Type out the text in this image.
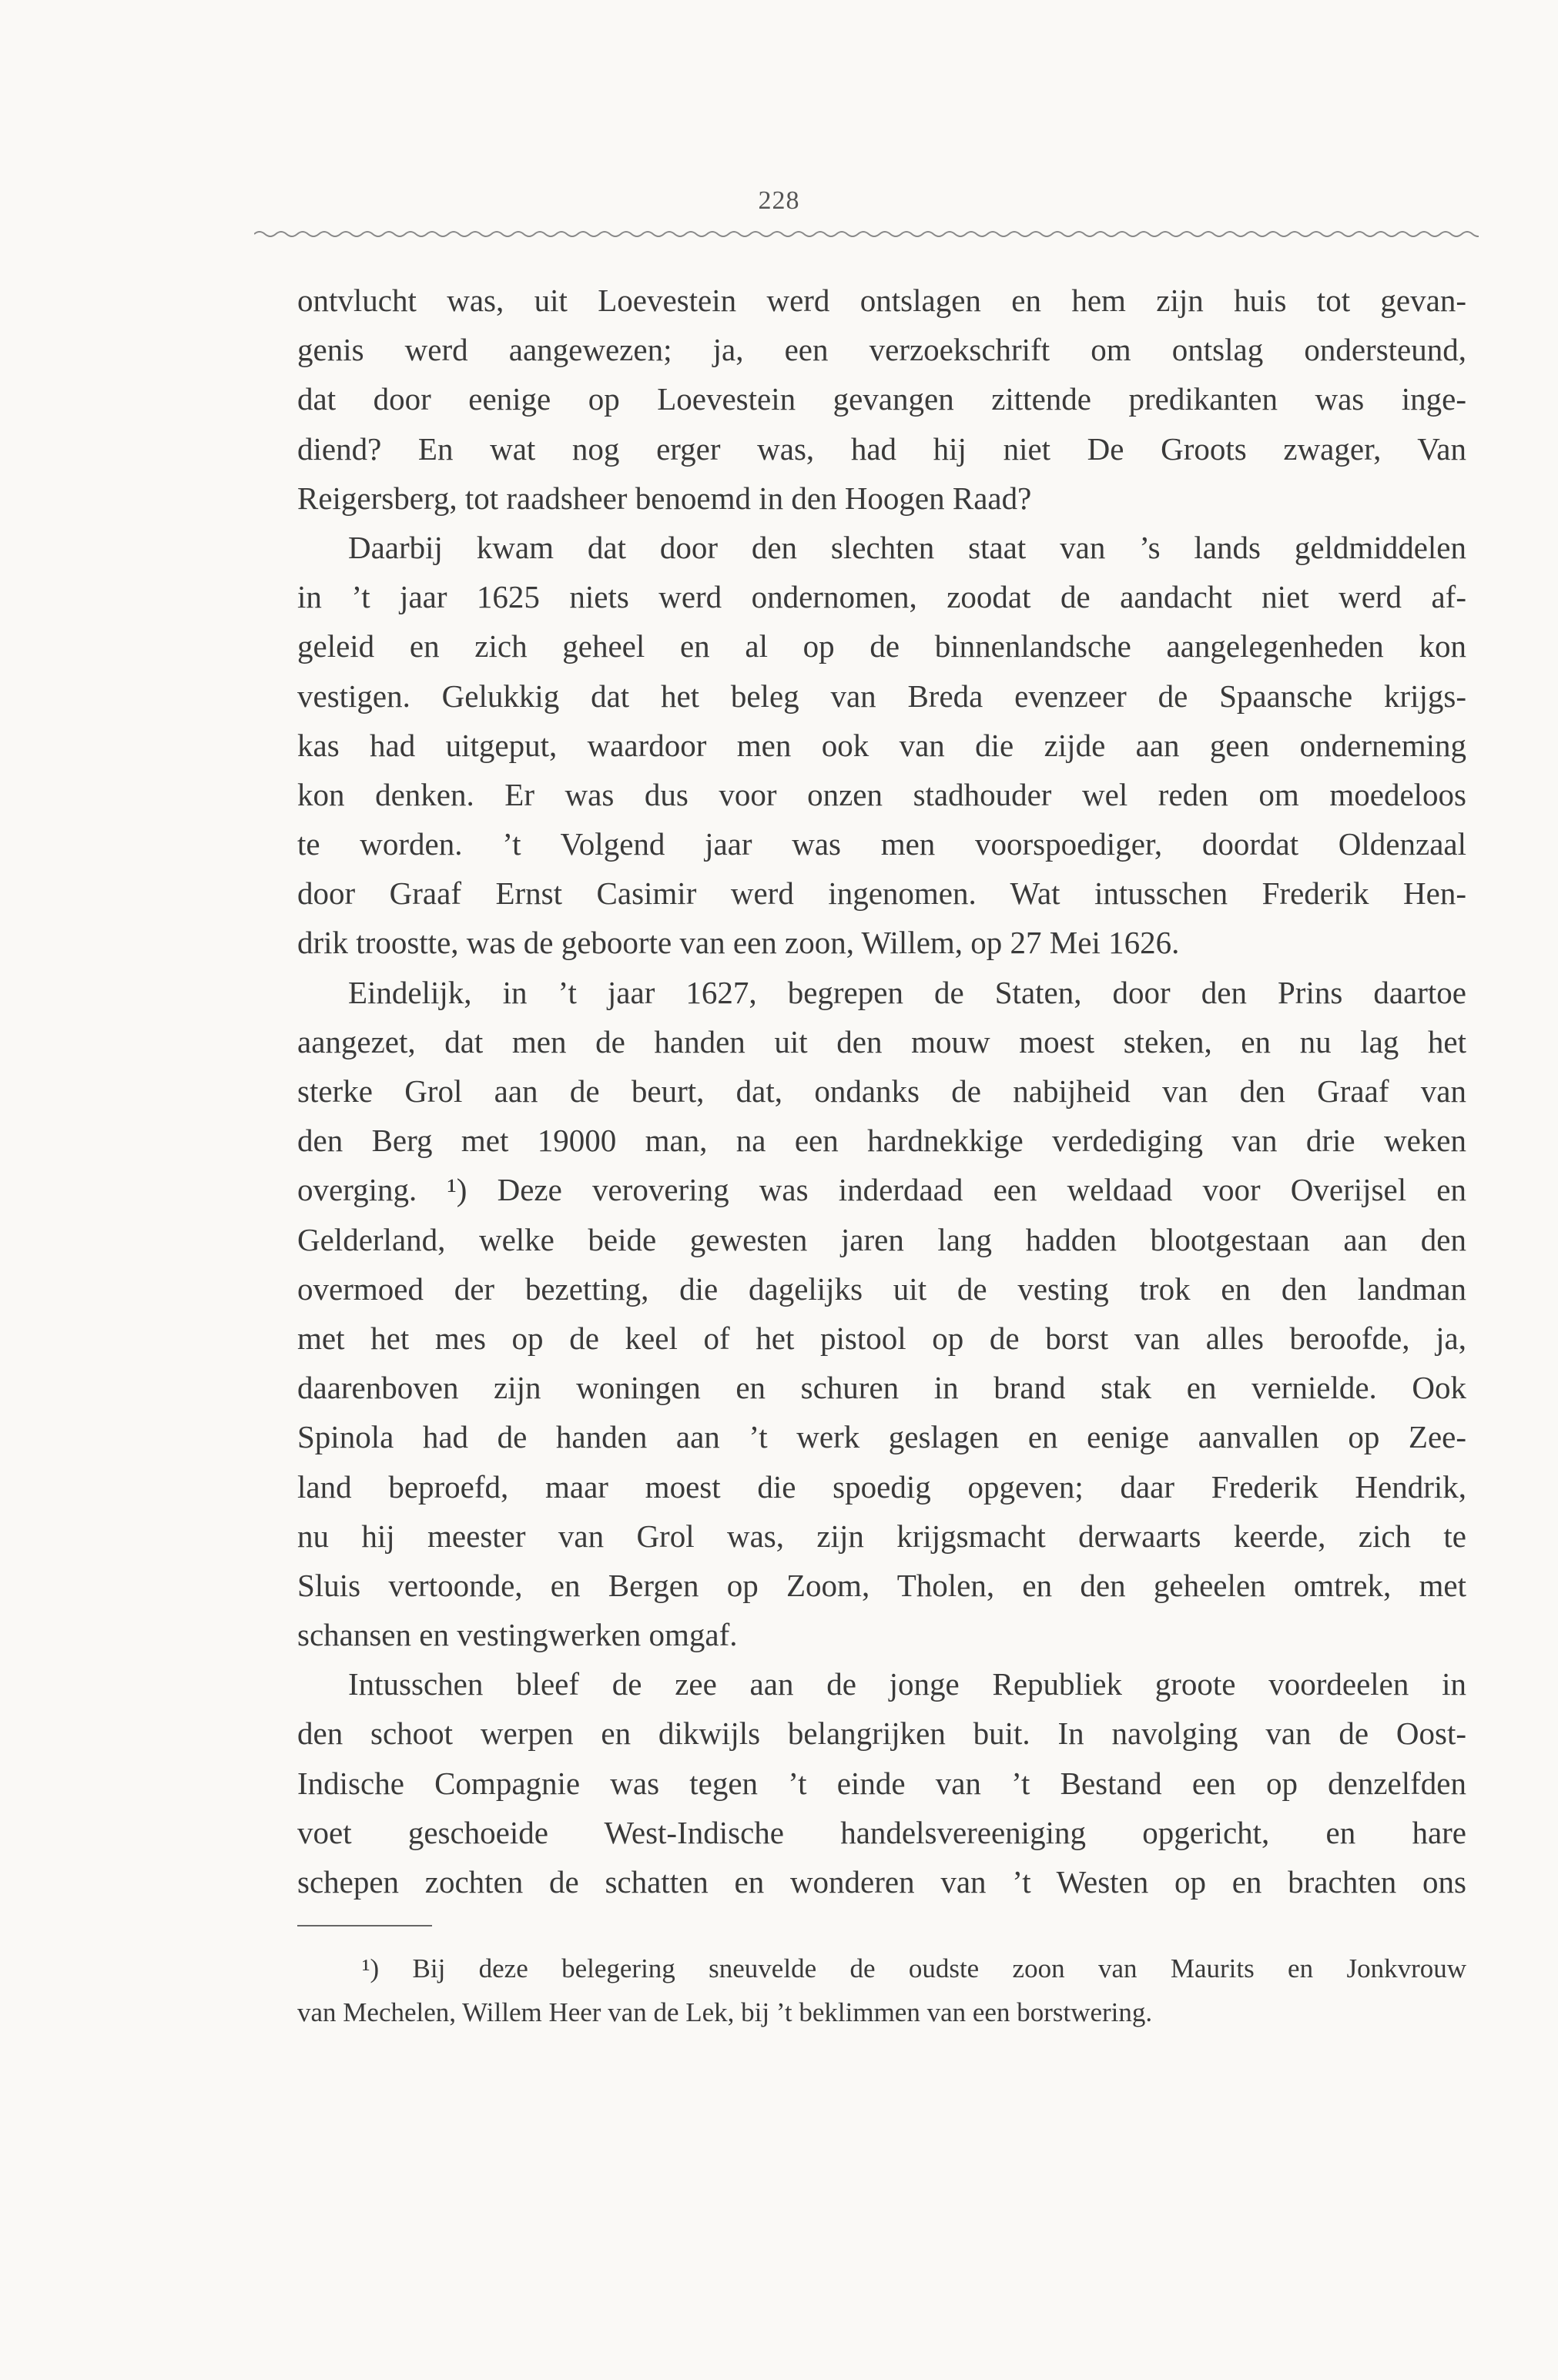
228
ontvlucht was, uit Loevestein werd ontslagen en hem zijn huis tot gevan-
genis werd aangewezen; ja, een verzoekschrift om ontslag ondersteund,
dat door eenige op Loevestein gevangen zittende predikanten was inge-
diend? En wat nog erger was, had hij niet De Groots zwager, Van
Reigersberg, tot raadsheer benoemd in den Hoogen Raad?
Daarbij kwam dat door den slechten staat van ’s lands geldmiddelen
in ’t jaar 1625 niets werd ondernomen, zoodat de aandacht niet werd af-
geleid en zich geheel en al op de binnenlandsche aangelegenheden kon
vestigen. Gelukkig dat het beleg van Breda evenzeer de Spaansche krijgs-
kas had uitgeput, waardoor men ook van die zijde aan geen onderneming
kon denken. Er was dus voor onzen stadhouder wel reden om moedeloos
te worden. ’t Volgend jaar was men voorspoediger, doordat Oldenzaal
door Graaf Ernst Casimir werd ingenomen. Wat intusschen Frederik Hen-
drik troostte, was de geboorte van een zoon, Willem, op 27 Mei 1626.
Eindelijk, in ’t jaar 1627, begrepen de Staten, door den Prins daartoe
aangezet, dat men de handen uit den mouw moest steken, en nu lag het
sterke Grol aan de beurt, dat, ondanks de nabijheid van den Graaf van
den Berg met 19000 man, na een hardnekkige verdediging van drie weken
overging. ¹) Deze verovering was inderdaad een weldaad voor Overijsel en
Gelderland, welke beide gewesten jaren lang hadden blootgestaan aan den
overmoed der bezetting, die dagelijks uit de vesting trok en den landman
met het mes op de keel of het pistool op de borst van alles beroofde, ja,
daarenboven zijn woningen en schuren in brand stak en vernielde. Ook
Spinola had de handen aan ’t werk geslagen en eenige aanvallen op Zee-
land beproefd, maar moest die spoedig opgeven; daar Frederik Hendrik,
nu hij meester van Grol was, zijn krijgsmacht derwaarts keerde, zich te
Sluis vertoonde, en Bergen op Zoom, Tholen, en den geheelen omtrek, met
schansen en vestingwerken omgaf.
Intusschen bleef de zee aan de jonge Republiek groote voordeelen in
den schoot werpen en dikwijls belangrijken buit. In navolging van de Oost-
Indische Compagnie was tegen ’t einde van ’t Bestand een op denzelfden
voet geschoeide West-Indische handelsvereeniging opgericht, en hare
schepen zochten de schatten en wonderen van ’t Westen op en brachten ons
¹) Bij deze belegering sneuvelde de oudste zoon van Maurits en Jonkvrouw
van Mechelen, Willem Heer van de Lek, bij ’t beklimmen van een borstwering.
